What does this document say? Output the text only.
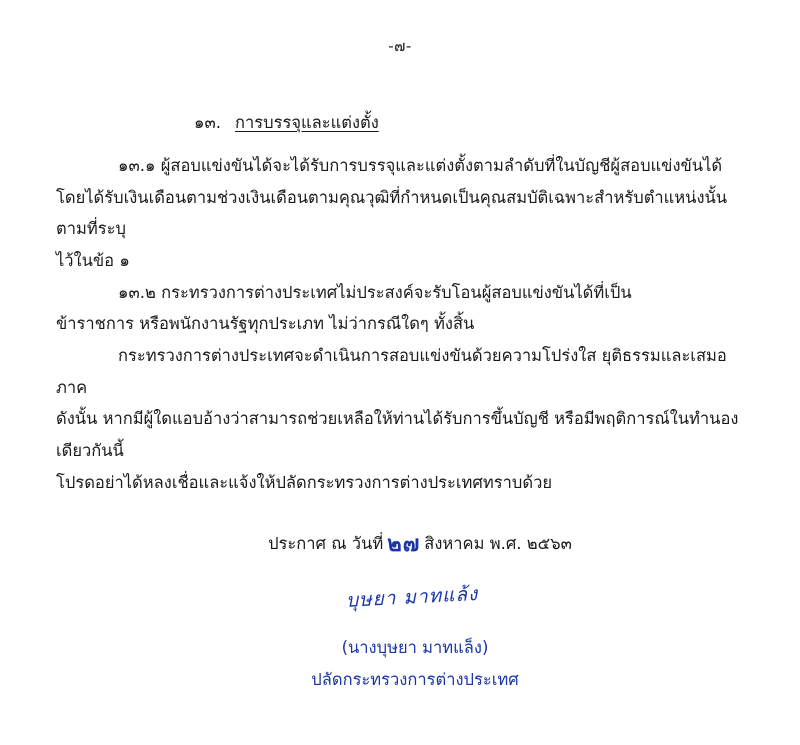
-๗-
๑๓. การบรรจุและแต่งตั้ง

๑๓.๑ ผู้สอบแข่งขันได้จะได้รับการบรรจุและแต่งตั้งตามลำดับที่ในบัญชีผู้สอบแข่งขันได้

โดยได้รับเงินเดือนตามช่วงเงินเดือนตามคุณวุฒิที่กำหนดเป็นคุณสมบัติเฉพาะสำหรับตำแหน่งนั้น ตามที่ระบุ

ไว้ในข้อ ๑

๑๓.๒ กระทรวงการต่างประเทศไม่ประสงค์จะรับโอนผู้สอบแข่งขันได้ที่เป็น

ข้าราชการ หรือพนักงานรัฐทุกประเภท ไม่ว่ากรณีใดๆ ทั้งสิ้น

กระทรวงการต่างประเทศจะดำเนินการสอบแข่งขันด้วยความโปร่งใส ยุติธรรมและเสมอภาค

ดังนั้น หากมีผู้ใดแอบอ้างว่าสามารถช่วยเหลือให้ท่านได้รับการขึ้นบัญชี หรือมีพฤติการณ์ในทำนองเดียวกันนี้

โปรดอย่าได้หลงเชื่อและแจ้งให้ปลัดกระทรวงการต่างประเทศทราบด้วย

ประกาศ ณ วันที่ ๒๗ สิงหาคม พ.ศ. ๒๕๖๓
บุษยา มาทแล้ง
(นางบุษยา มาทแล็ง)
ปลัดกระทรวงการต่างประเทศ
